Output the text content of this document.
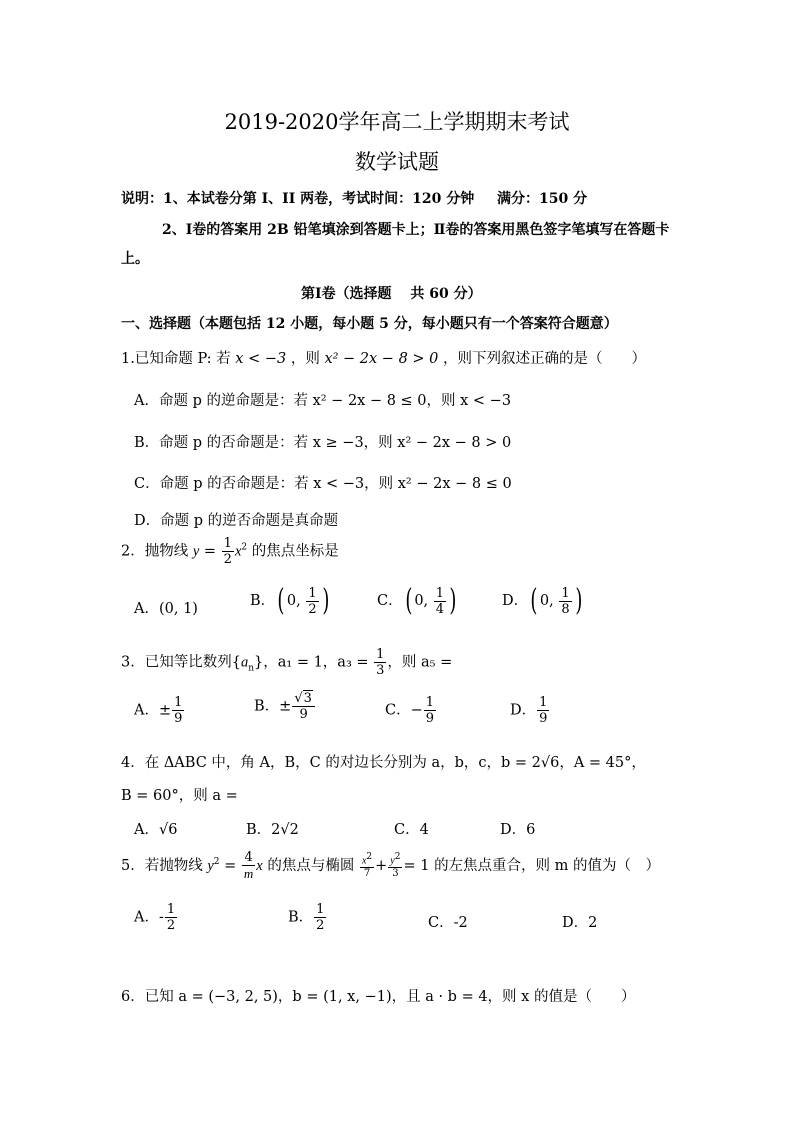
2019-2020学年高二上学期期末考试
数学试题
说明：1、本试卷分第 I、II 两卷，考试时间：120 分钟 满分：150 分
2、Ⅰ卷的答案用 2B 铅笔填涂到答题卡上；Ⅱ卷的答案用黑色签字笔填写在答题卡
上。
第Ⅰ卷（选择题　 共 60 分）
一、选择题（本题包括 12 小题，每小题 5 分，每小题只有一个答案符合题意）
1.已知命题 P: 若 x < −3 ，则 x² − 2x − 8 > 0 ，则下列叙述正确的是（　　）
A．命题 p 的逆命题是：若 x² − 2x − 8 ≤ 0，则 x < −3
B．命题 p 的否命题是：若 x ≥ −3，则 x² − 2x − 8 > 0
C．命题 p 的否命题是：若 x < −3，则 x² − 2x − 8 ≤ 0
D．命题 p 的逆否命题是真命题
2．抛物线 $y = \frac{1}{2} x^2$ 的焦点坐标是
A．(0, 1)	B．( 0, $\frac{1}{2}$ )	C．( 0, $\frac{1}{4}$ )	D．( 0, $\frac{1}{8}$ )
3．已知等比数列$\{a_n\}$，a₁ = 1，$a_3 = \frac{1}{3}$ ，则 a₅ =
A．± $\frac{1}{9}$	B．± $\frac{√3}{9}$	C．− $\frac{1}{9}$	D． $\frac{1}{9}$
4．在 ΔABC 中，角 A，B，C 的对边长分别为 a，b，c，b = 2√6，A = 45°，
B = 60°，则 a =
A．√6	B．2√2	C．4	D．6
5．若抛物线 $y^2 = \frac{4}{m}$ x 的焦点与椭圆 $\frac{x^2}{7} + \frac{y^2}{3} = 1$ 的左焦点重合，则 m 的值为（　）
A．- $\frac{1}{2}$	B． $\frac{1}{2}$	C．-2	D．2
6．已知 a = (−3, 2, 5)，b = (1, x, −1)，且 a · b = 4，则 x 的值是（　　）
